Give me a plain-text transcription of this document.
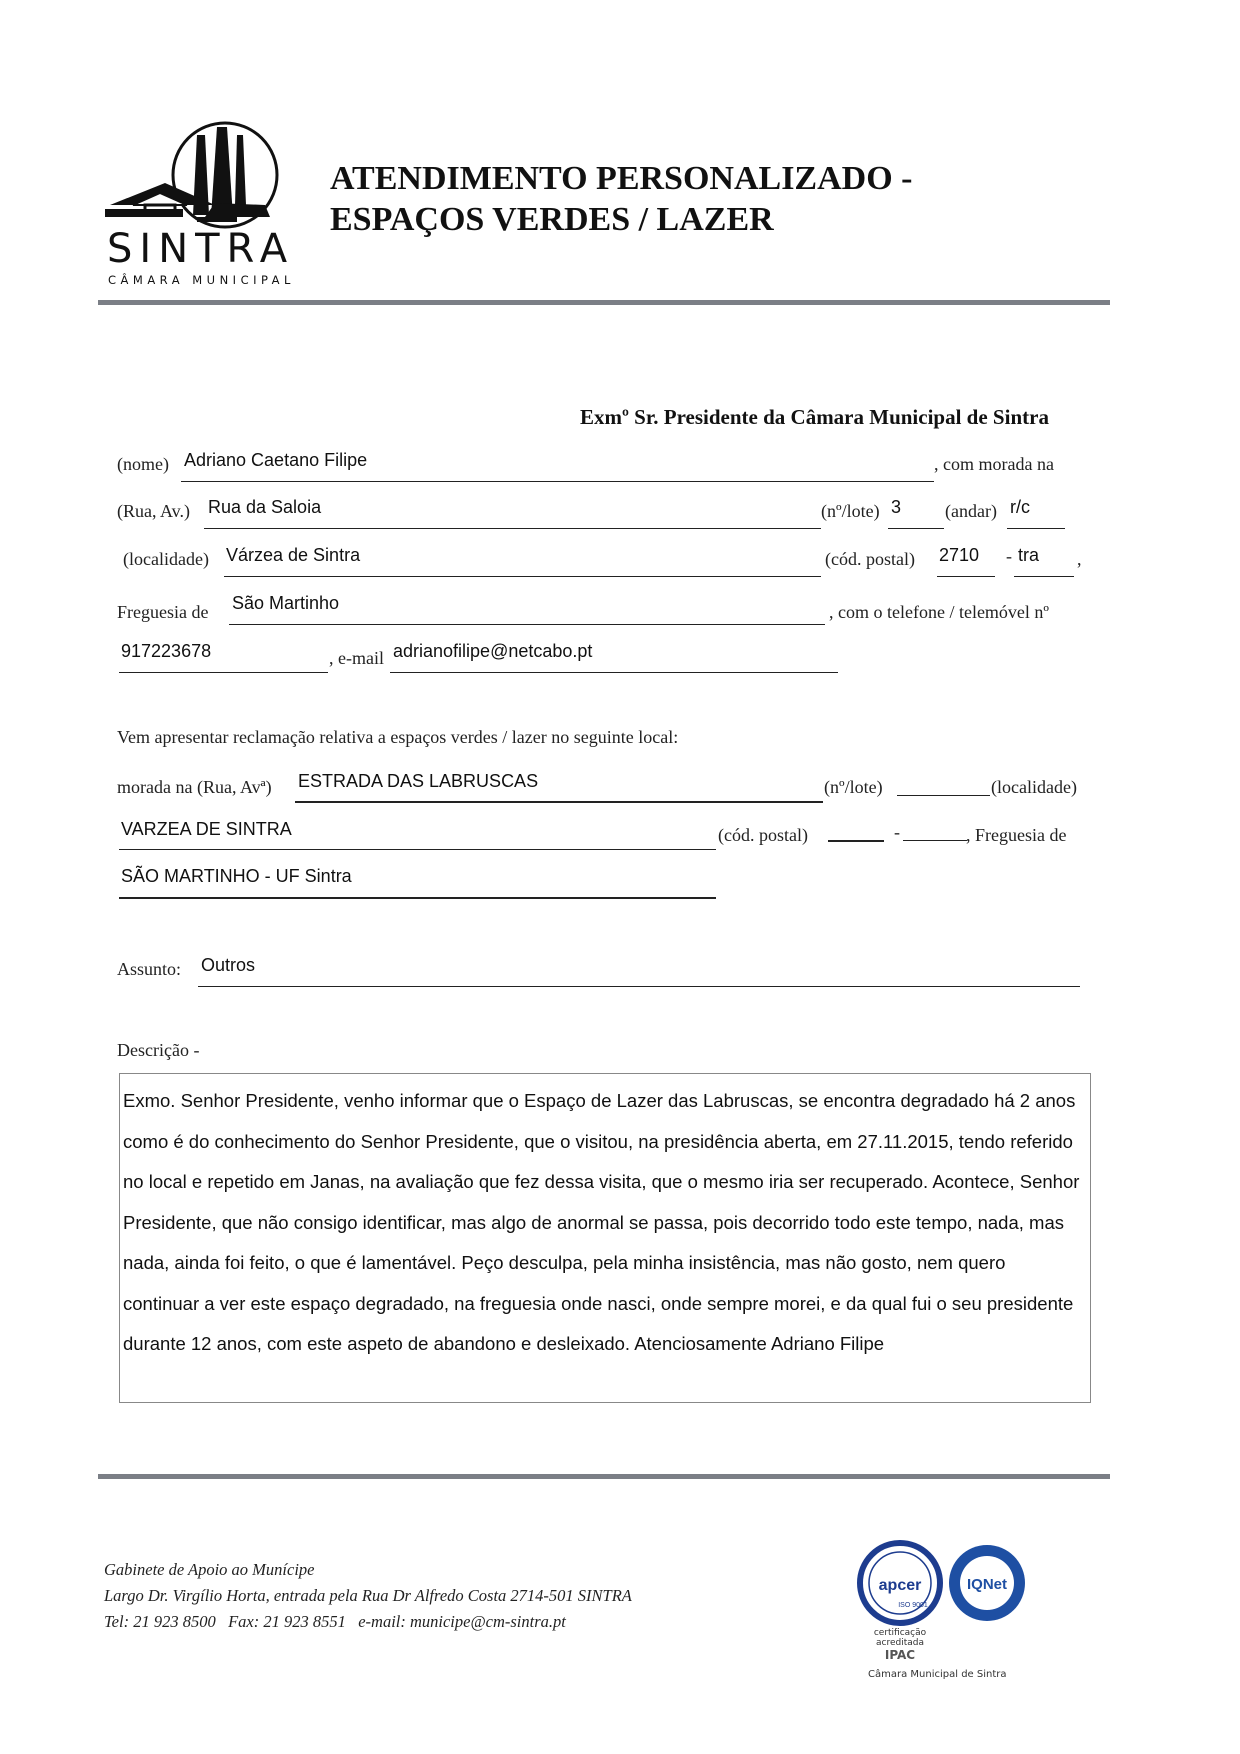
SINTRA
CÂMARA MUNICIPAL
ATENDIMENTO PERSONALIZADO -
ESPAÇOS VERDES / LAZER
Exmº Sr. Presidente da Câmara Municipal de Sintra
(nome) Adriano Caetano Filipe	, com morada na
(Rua, Av.) Rua da Saloia	(nº/lote) 3 (andar) r/c
(localidade) Várzea de Sintra	(cód. postal) 2710 - tra ,
Freguesia de São Martinho	, com o telefone / telemóvel nº
917223678	, e-mail adrianofilipe@netcabo.pt
Vem apresentar reclamação relativa a espaços verdes / lazer no seguinte local:
morada na (Rua, Avª) ESTRADA DAS LABRUSCAS	(nº/lote)	(localidade)
VARZEA DE SINTRA	(cód. postal)	-	, Freguesia de
SÃO MARTINHO - UF Sintra
Assunto: Outros
Descrição -
Exmo. Senhor Presidente, venho informar que o Espaço de Lazer das Labruscas, se encontra degradado há 2 anos como é do conhecimento do Senhor Presidente, que o visitou, na presidência aberta, em 27.11.2015, tendo referido no local e repetido em Janas, na avaliação que fez dessa visita, que o mesmo iria ser recuperado. Acontece, Senhor Presidente, que não consigo identificar, mas algo de anormal se passa, pois decorrido todo este tempo, nada, mas nada, ainda foi feito, o que é lamentável. Peço desculpa, pela minha insistência, mas não gosto, nem quero continuar a ver este espaço degradado, na freguesia onde nasci, onde sempre morei, e da qual fui o seu presidente durante 12 anos, com este aspeto de abandono e desleixado. Atenciosamente Adriano Filipe
Gabinete de Apoio ao Munícipe
Largo Dr. Virgílio Horta, entrada pela Rua Dr Alfredo Costa 2714-501 SINTRA
Tel: 21 923 8500   Fax: 21 923 8551   e-mail: municipe@cm-sintra.pt
apcer
ISO 9001
IQNet
certificação
acreditada
IPAC
Câmara Municipal de Sintra
